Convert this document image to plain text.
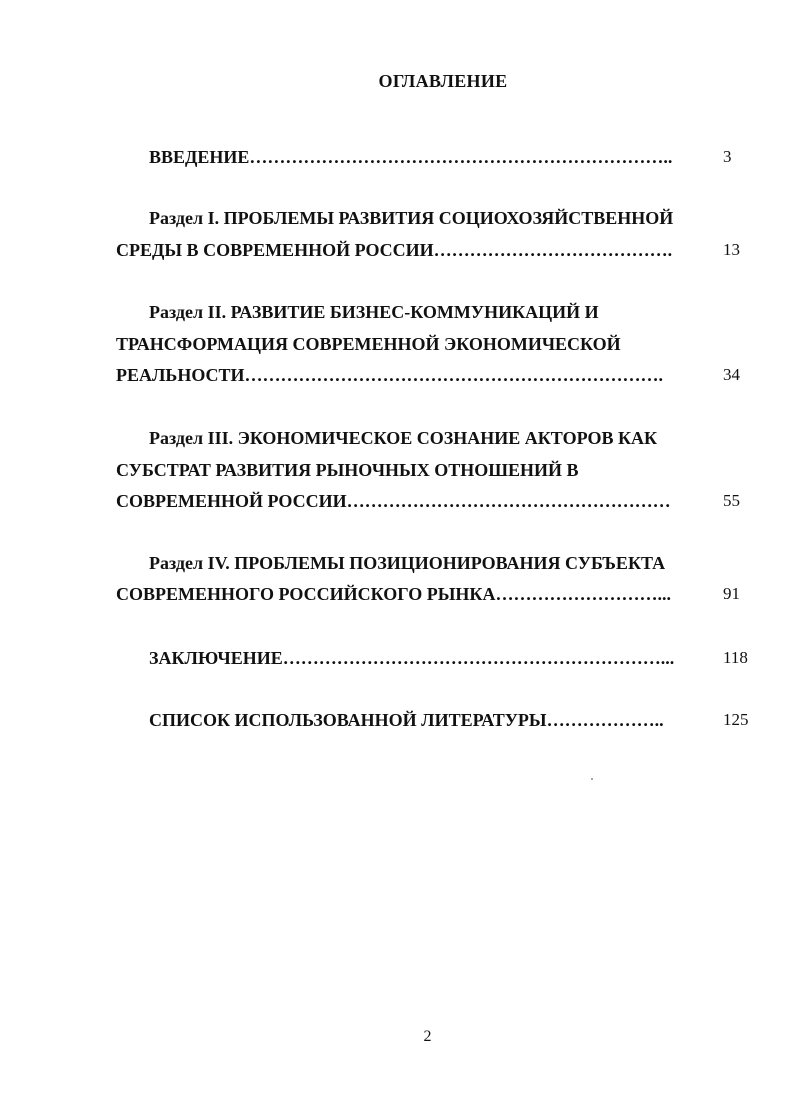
ОГЛАВЛЕНИЕ
ВВЕДЕНИЕ……………………………………………………………..	3
Раздел I. ПРОБЛЕМЫ РАЗВИТИЯ СОЦИОХОЗЯЙСТВЕННОЙ
СРЕДЫ В СОВРЕМЕННОЙ РОССИИ………………………………….	13
Раздел II. РАЗВИТИЕ БИЗНЕС-КОММУНИКАЦИЙ И
ТРАНСФОРМАЦИЯ СОВРЕМЕННОЙ ЭКОНОМИЧЕСКОЙ
РЕАЛЬНОСТИ…………………………………………………………….	34
Раздел III. ЭКОНОМИЧЕСКОЕ СОЗНАНИЕ АКТОРОВ КАК
СУБСТРАТ РАЗВИТИЯ РЫНОЧНЫХ ОТНОШЕНИЙ В
СОВРЕМЕННОЙ РОССИИ………………………………………………	55
Раздел IV. ПРОБЛЕМЫ ПОЗИЦИОНИРОВАНИЯ СУБЪЕКТА
СОВРЕМЕННОГО РОССИЙСКОГО РЫНКА………………………...	91
ЗАКЛЮЧЕНИЕ………………………………………………………...	118
СПИСОК ИСПОЛЬЗОВАННОЙ ЛИТЕРАТУРЫ………………..	125
2
